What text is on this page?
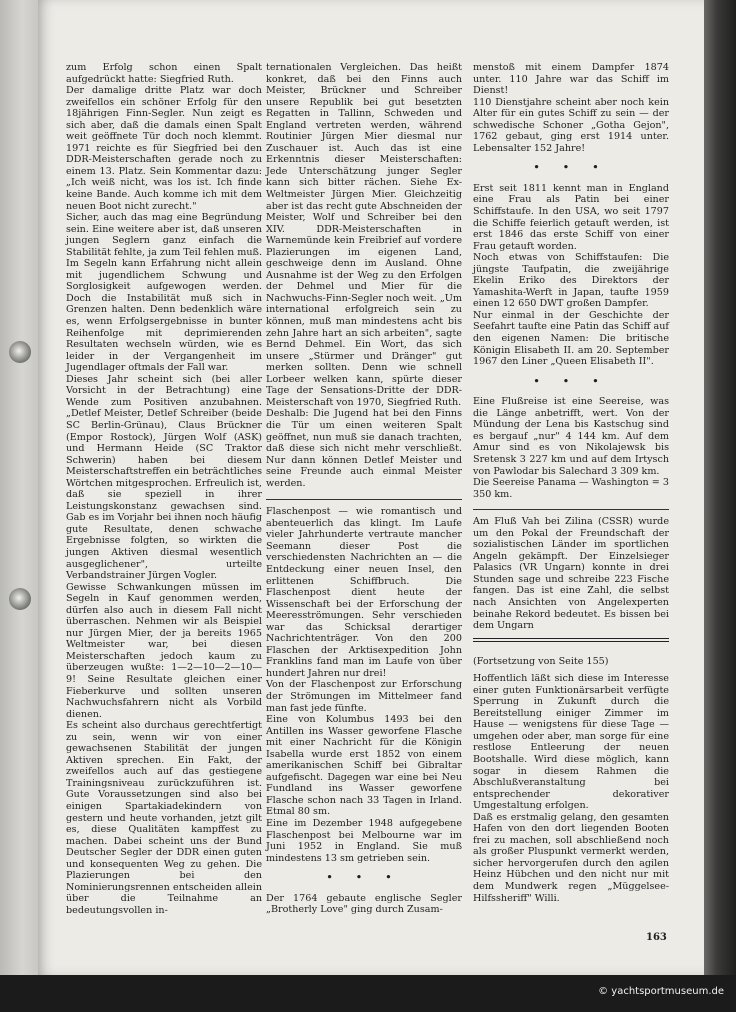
zum Erfolg schon einen Spalt aufgedrückt hatte: Siegfried Ruth.

Der damalige dritte Platz war doch zweifellos ein schöner Erfolg für den 18jährigen Finn-Segler. Nun zeigt es sich aber, daß die damals einen Spalt weit geöffnete Tür doch noch klemmt. 1971 reichte es für Siegfried bei den DDR-Meisterschaften gerade noch zu einem 13. Platz. Sein Kommentar dazu: „Ich weiß nicht, was los ist. Ich finde keine Bande. Auch komme ich mit dem neuen Boot nicht zurecht."

Sicher, auch das mag eine Begründung sein. Eine weitere aber ist, daß unseren jungen Seglern ganz einfach die Stabilität fehlte, ja zum Teil fehlen muß. Im Segeln kann Erfahrung nicht allein mit jugendlichem Schwung und Sorglosigkeit aufgewogen werden. Doch die Instabilität muß sich in Grenzen halten. Denn bedenklich wäre es, wenn Erfolgsergebnisse in bunter Reihenfolge mit deprimierenden Resultaten wechseln würden, wie es leider in der Vergangenheit im Jugendlager oftmals der Fall war.

Dieses Jahr scheint sich (bei aller Vorsicht in der Betrachtung) eine Wende zum Positiven anzubahnen. „Detlef Meister, Detlef Schreiber (beide SC Berlin-Grünau), Claus Brückner (Empor Rostock), Jürgen Wolf (ASK) und Hermann Heide (SC Traktor Schwerin) haben bei diesem Meisterschaftstreffen ein beträchtliches Wörtchen mitgesprochen. Erfreulich ist, daß sie speziell in ihrer Leistungskonstanz gewachsen sind. Gab es im Vorjahr bei ihnen noch häufig gute Resultate, denen schwache Ergebnisse folgten, so wirkten die jungen Aktiven diesmal wesentlich ausgeglichener", urteilte Verbandstrainer Jürgen Vogler.

Gewisse Schwankungen müssen im Segeln in Kauf genommen werden, dürfen also auch in diesem Fall nicht überraschen. Nehmen wir als Beispiel nur Jürgen Mier, der ja bereits 1965 Weltmeister war, bei diesen Meisterschaften jedoch kaum zu überzeugen wußte: 1—2—10—2—10—9! Seine Resultate gleichen einer Fieberkurve und sollten unseren Nachwuchsfahrern nicht als Vorbild dienen.

Es scheint also durchaus gerechtfertigt zu sein, wenn wir von einer gewachsenen Stabilität der jungen Aktiven sprechen. Ein Fakt, der zweifellos auch auf das gestiegene Trainingsniveau zurückzuführen ist. Gute Voraussetzungen sind also bei einigen Spartakiadekindern von gestern und heute vorhanden, jetzt gilt es, diese Qualitäten kampffest zu machen. Dabei scheint uns der Bund Deutscher Segler der DDR einen guten und konsequenten Weg zu gehen. Die Plazierungen bei den Nominierungsrennen entscheiden allein über die Teilnahme an bedeutungsvollen in-

ternationalen Vergleichen. Das heißt konkret, daß bei den Finns auch Meister, Brückner und Schreiber unsere Republik bei gut besetzten Regatten in Tallinn, Schweden und England vertreten werden, während Routinier Jürgen Mier diesmal nur Zuschauer ist. Auch das ist eine Erkenntnis dieser Meisterschaften: Jede Unterschätzung junger Segler kann sich bitter rächen. Siehe Ex-Weltmeister Jürgen Mier. Gleichzeitig aber ist das recht gute Abschneiden der Meister, Wolf und Schreiber bei den XIV. DDR-Meisterschaften in Warnemünde kein Freibrief auf vordere Plazierungen im eigenen Land, geschweige denn im Ausland. Ohne Ausnahme ist der Weg zu den Erfolgen der Dehmel und Mier für die Nachwuchs-Finn-Segler noch weit. „Um international erfolgreich sein zu können, muß man mindestens acht bis zehn Jahre hart an sich arbeiten", sagte Bernd Dehmel. Ein Wort, das sich unsere „Stürmer und Dränger" gut merken sollten. Denn wie schnell Lorbeer welken kann, spürte dieser Tage der Sensations-Dritte der DDR-Meisterschaft von 1970, Siegfried Ruth.

Deshalb: Die Jugend hat bei den Finns die Tür um einen weiteren Spalt geöffnet, nun muß sie danach trachten, daß diese sich nicht mehr verschließt. Nur dann können Detlef Meister und seine Freunde auch einmal Meister werden.

Flaschenpost — wie romantisch und abenteuerlich das klingt. Im Laufe vieler Jahrhunderte vertraute mancher Seemann dieser Post die verschiedensten Nachrichten an — die Entdeckung einer neuen Insel, den erlittenen Schiffbruch. Die Flaschenpost dient heute der Wissenschaft bei der Erforschung der Meeresströmungen. Sehr verschieden war das Schicksal derartiger Nachrichtenträger. Von den 200 Flaschen der Arktisexpedition John Franklins fand man im Laufe von über hundert Jahren nur drei!

Von der Flaschenpost zur Erforschung der Strömungen im Mittelmeer fand man fast jede fünfte.

Eine von Kolumbus 1493 bei den Antillen ins Wasser geworfene Flasche mit einer Nachricht für die Königin Isabella wurde erst 1852 von einem amerikanischen Schiff bei Gibraltar aufgefischt. Dagegen war eine bei Neu Fundland ins Wasser geworfene Flasche schon nach 33 Tagen in Irland. Etmal 80 sm.

Eine im Dezember 1948 aufgegebene Flaschenpost bei Melbourne war im Juni 1952 in England. Sie muß mindestens 13 sm getrieben sein.

• • •

Der 1764 gebaute englische Segler „Brotherly Love" ging durch Zusam-

menstoß mit einem Dampfer 1874 unter. 110 Jahre war das Schiff im Dienst!

110 Dienstjahre scheint aber noch kein Alter für ein gutes Schiff zu sein — der schwedische Schoner „Gotha Gejon", 1762 gebaut, ging erst 1914 unter. Lebensalter 152 Jahre!

• • •

Erst seit 1811 kennt man in England eine Frau als Patin bei einer Schiffstaufe. In den USA, wo seit 1797 die Schiffe feierlich getauft werden, ist erst 1846 das erste Schiff von einer Frau getauft worden.

Noch etwas von Schiffstaufen: Die jüngste Taufpatin, die zweijährige Ekelin Eriko des Direktors der Yamashita-Werft in Japan, taufte 1959 einen 12 650 DWT großen Dampfer.

Nur einmal in der Geschichte der Seefahrt taufte eine Patin das Schiff auf den eigenen Namen: Die britische Königin Elisabeth II. am 20. September 1967 den Liner „Queen Elisabeth II".

• • •

Eine Flußreise ist eine Seereise, was die Länge anbetrifft, wert. Von der Mündung der Lena bis Kastschug sind es bergauf „nur" 4 144 km. Auf dem Amur sind es von Nikolajewsk bis Sretensk 3 227 km und auf dem Irtysch von Pawlodar bis Salechard 3 309 km.

Die Seereise Panama — Washington = 3 350 km.

Am Fluß Vah bei Zilina (CSSR) wurde um den Pokal der Freundschaft der sozialistischen Länder im sportlichen Angeln gekämpft. Der Einzelsieger Palasics (VR Ungarn) konnte in drei Stunden sage und schreibe 223 Fische fangen. Das ist eine Zahl, die selbst nach Ansichten von Angelexperten beinahe Rekord bedeutet. Es bissen bei dem Ungarn

(Fortsetzung von Seite 155)

Hoffentlich läßt sich diese im Interesse einer guten Funktionärsarbeit verfügte Sperrung in Zukunft durch die Bereitstellung einiger Zimmer im Hause — wenigstens für diese Tage — umgehen oder aber, man sorge für eine restlose Entleerung der neuen Bootshalle. Wird diese möglich, kann sogar in diesem Rahmen die Abschlußveranstaltung bei entsprechender dekorativer Umgestaltung erfolgen.

Daß es erstmalig gelang, den gesamten Hafen von den dort liegenden Booten frei zu machen, soll abschließend noch als großer Pluspunkt vermerkt werden, sicher hervorgerufen durch den agilen Heinz Hübchen und den nicht nur mit dem Mundwerk regen „Müggelsee-Hilfssheriff" Willi.

163
© yachtsportmuseum.de
